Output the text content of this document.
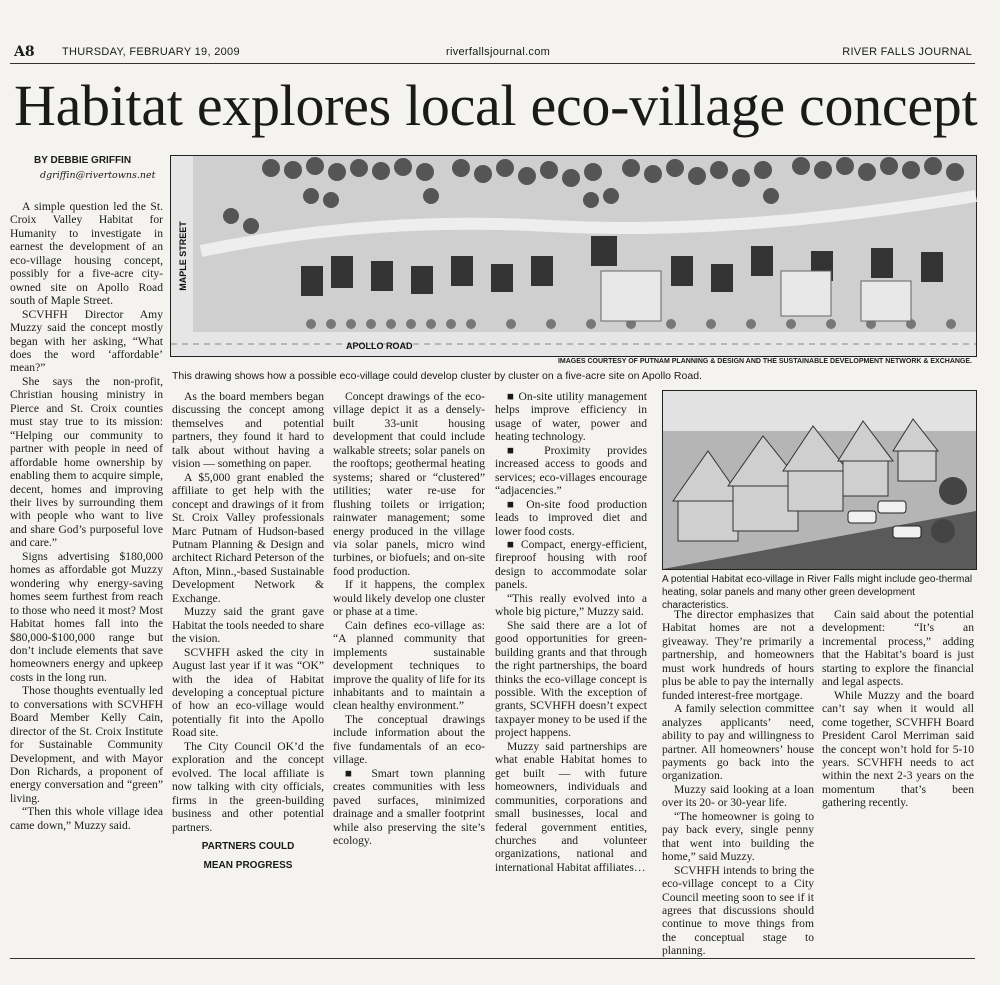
A8 THURSDAY, FEBRUARY 19, 2009	riverfallsjournal.com	RIVER FALLS JOURNAL
Habitat explores local eco-village concept
BY DEBBIE GRIFFIN
dgriffin@rivertowns.net
MAPLE STREET
APOLLO ROAD
IMAGES COURTESY OF PUTNAM PLANNING & DESIGN AND THE SUSTAINABLE DEVELOPMENT NETWORK & EXCHANGE.
This drawing shows how a possible eco-village could develop cluster by cluster on a five-acre site on Apollo Road.
A potential Habitat eco-village in River Falls might include geo-thermal heating, solar panels and many other green development characteristics.

A simple question led the St. Croix Valley Habitat for Humanity to investigate in earnest the development of an eco-village housing concept, possibly for a five-acre city-owned site on Apollo Road south of Maple Street.

SCVHFH Director Amy Muzzy said the concept mostly began with her asking, “What does the word ‘affordable’ mean?”

She says the non-profit, Christian housing ministry in Pierce and St. Croix counties must stay true to its mission: “Helping our community to partner with people in need of affordable home ownership by enabling them to acquire simple, decent, homes and improving their lives by surrounding them with people who want to live and share God’s purposeful love and care.”

Signs advertising $180,000 homes as affordable got Muzzy wondering why energy-saving homes seem furthest from reach to those who need it most? Most Habitat homes fall into the $80,000-$100,000 range but don’t include elements that save homeowners energy and upkeep costs in the long run.

Those thoughts eventually led to conversations with SCVHFH Board Member Kelly Cain, director of the St. Croix Institute for Sustainable Community Development, and with Mayor Don Richards, a proponent of energy conversation and “green” living.

“Then this whole village idea came down,” Muzzy said.

As the board members began discussing the concept among themselves and potential partners, they found it hard to talk about without having a vision — something on paper.

A $5,000 grant enabled the affiliate to get help with the concept and drawings of it from St. Croix Valley professionals Marc Putnam of Hudson-based Putnam Planning & Design and architect Richard Peterson of the Afton, Minn.,-based Sustainable Development Network & Exchange.

Muzzy said the grant gave Habitat the tools needed to share the vision.

SCVHFH asked the city in August last year if it was “OK” with the idea of Habitat developing a conceptual picture of how an eco-village would potentially fit into the Apollo Road site.

The City Council OK’d the exploration and the concept evolved. The local affiliate is now talking with city officials, firms in the green-building business and other potential partners.

PARTNERS COULD

MEAN PROGRESS

Concept drawings of the eco-village depict it as a densely-built 33-unit housing development that could include walkable streets; solar panels on the rooftops; geothermal heating systems; shared or “clustered” utilities; water re-use for flushing toilets or irrigation; rainwater management; some energy produced in the village via solar panels, micro wind turbines, or biofuels; and on-site food production.

If it happens, the complex would likely develop one cluster or phase at a time.

Cain defines eco-village as: “A planned community that implements sustainable development techniques to improve the quality of life for its inhabitants and to maintain a clean healthy environment.”

The conceptual drawings include information about the five fundamentals of an eco-village.

■ Smart town planning creates communities with less paved surfaces, minimized drainage and a smaller footprint while also preserving the site’s ecology.

■ On-site utility management helps improve efficiency in usage of water, power and heating technology.

■ Proximity provides increased access to goods and services; eco-villages encourage “adjacencies.”

■ On-site food production leads to improved diet and lower food costs.

■ Compact, energy-efficient, fireproof housing with roof design to accommodate solar panels.

“This really evolved into a whole big picture,” Muzzy said.

She said there are a lot of good opportunities for green-building grants and that through the right partnerships, the board thinks the eco-village concept is possible. With the exception of grants, SCVHFH doesn’t expect taxpayer money to be used if the project happens.

Muzzy said partnerships are what enable Habitat homes to get built — with future homeowners, individuals and communities, corporations and small businesses, local and federal government entities, churches and volunteer organizations, national and international Habitat affiliates…

The director emphasizes that Habitat homes are not a giveaway. They’re primarily a partnership, and homeowners must work hundreds of hours plus be able to pay the internally funded interest-free mortgage.

A family selection committee analyzes applicants’ need, ability to pay and willingness to partner. All homeowners’ house payments go back into the organization.

Muzzy said looking at a loan over its 20- or 30-year life.

“The homeowner is going to pay back every, single penny that went into building the home,” said Muzzy.

SCVHFH intends to bring the eco-village concept to a City Council meeting soon to see if it agrees that discussions should continue to move things from the conceptual stage to planning.

Cain said about the potential development: “It’s an incremental process,” adding that the Habitat’s board is just starting to explore the financial and legal aspects.

While Muzzy and the board can’t say when it would all come together, SCVHFH Board President Carol Merriman said the concept won’t hold for 5-10 years. SCVHFH needs to act within the next 2-3 years on the momentum that’s been gathering recently.
